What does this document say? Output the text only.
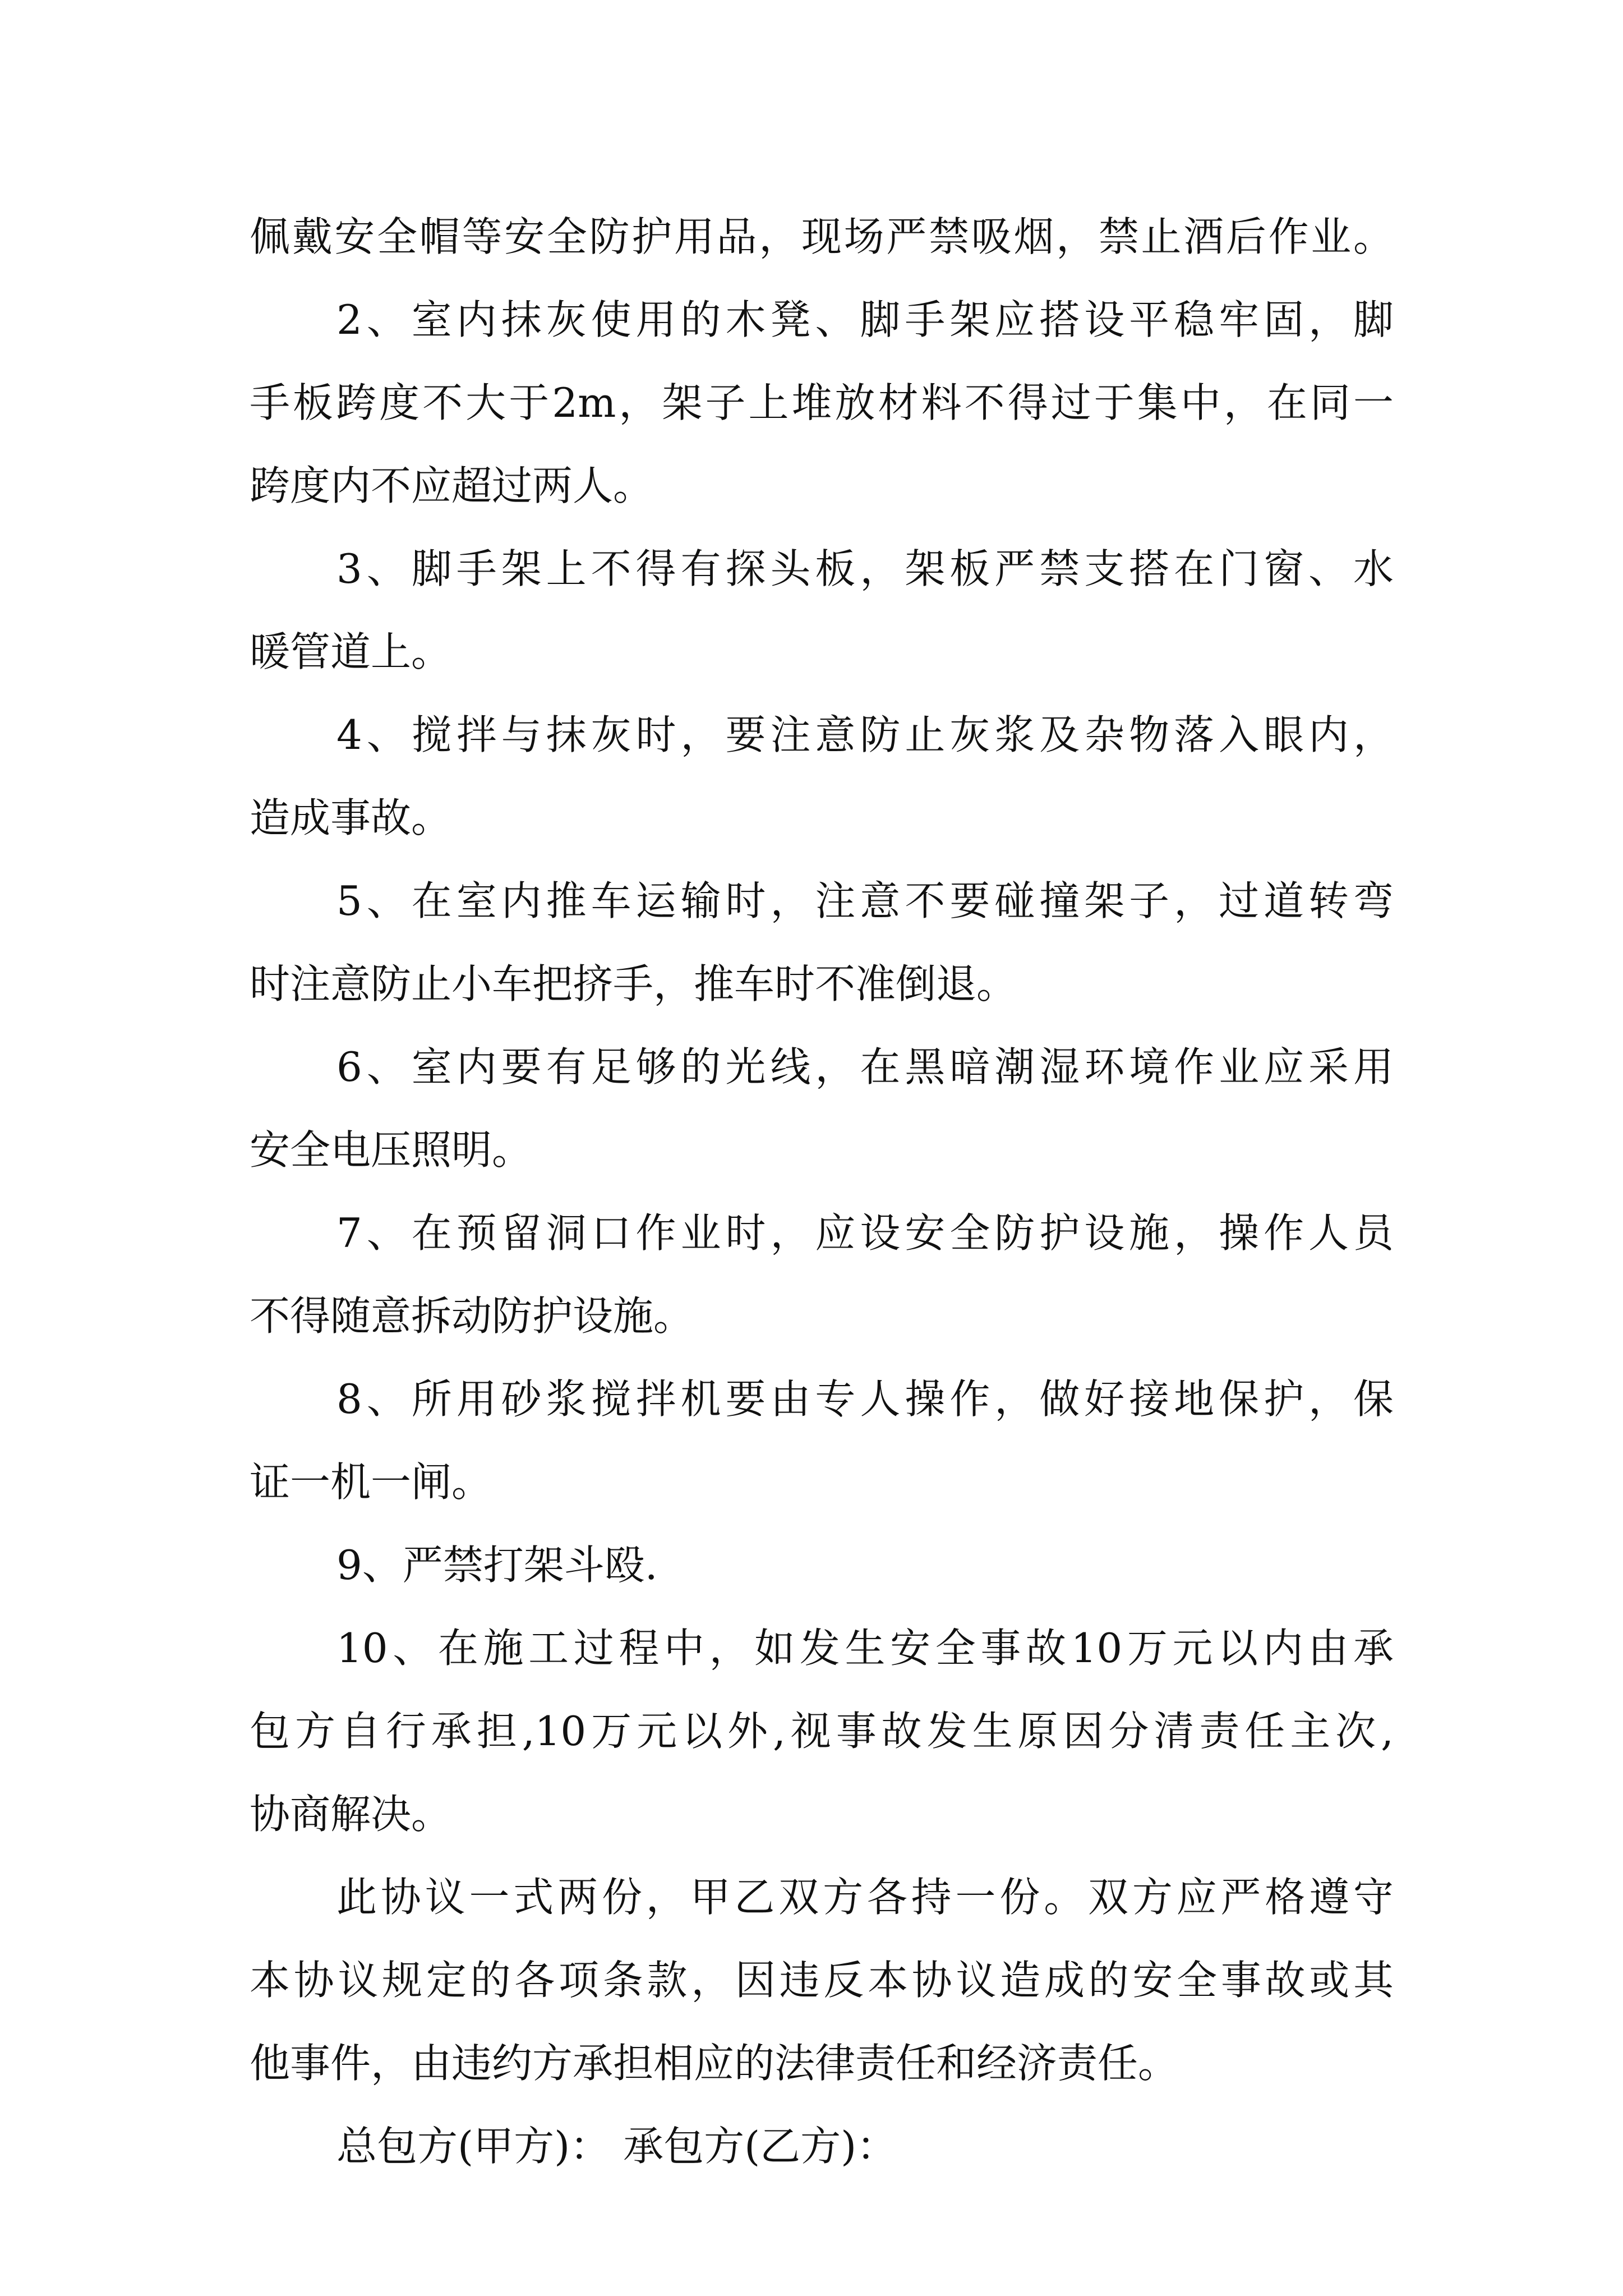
佩戴安全帽等安全防护用品，现场严禁吸烟，禁止酒后作业。
2、室内抹灰使用的木凳、脚手架应搭设平稳牢固，脚
手板跨度不大于2m，架子上堆放材料不得过于集中，在同一
跨度内不应超过两人。
3、脚手架上不得有探头板，架板严禁支搭在门窗、水
暖管道上。
4、搅拌与抹灰时，要注意防止灰浆及杂物落入眼内，
造成事故。
5、在室内推车运输时，注意不要碰撞架子，过道转弯
时注意防止小车把挤手，推车时不准倒退。
6、室内要有足够的光线，在黑暗潮湿环境作业应采用
安全电压照明。
7、在预留洞口作业时，应设安全防护设施，操作人员
不得随意拆动防护设施。
8、所用砂浆搅拌机要由专人操作，做好接地保护，保
证一机一闸。
9、严禁打架斗殴.
10、在施工过程中，如发生安全事故10万元以内由承
包方自行承担,10万元以外,视事故发生原因分清责任主次,
协商解决。
此协议一式两份，甲乙双方各持一份。双方应严格遵守
本协议规定的各项条款，因违反本协议造成的安全事故或其
他事件，由违约方承担相应的法律责任和经济责任。
总包方(甲方)： 承包方(乙方)：
